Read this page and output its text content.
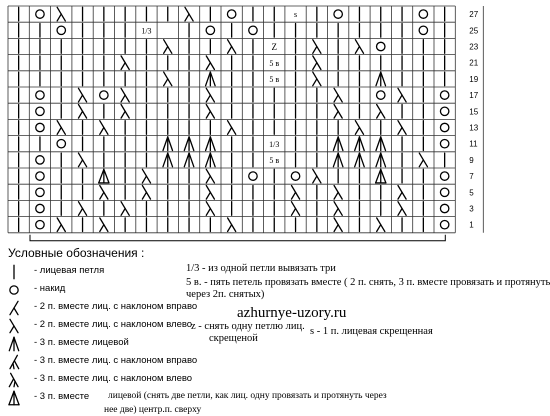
s	27
1/3	25
Z	23
5 в	21
5 в	19
17
15
13
1/3	11
5 в	9
7
5
3
1
Условные обозначения :
- лицевая петля
- накид
- 2 п. вместе лиц. с наклоном вправо
- 2 п. вместе лиц. с наклоном влево
- 3 п. вместе лицевой
- 3 п. вместе лиц. с наклоном вправо
- 3 п. вместе лиц. с наклоном влево
- 3 п. вместе лицевой (снять две петли, как лиц. одну провязать и протянуть через
нее две) центр.п. сверху
1/3 - из одной петли вывязать три
5 в. - пять петель провязать вместе ( 2 п. снять, 3 п. вместе провязать и протянуть
через 2п. снятых)
azhurnye-uzory.ru
z - снять одну петлю лиц.
скрещеной
s - 1 п. лицевая скрещенная
